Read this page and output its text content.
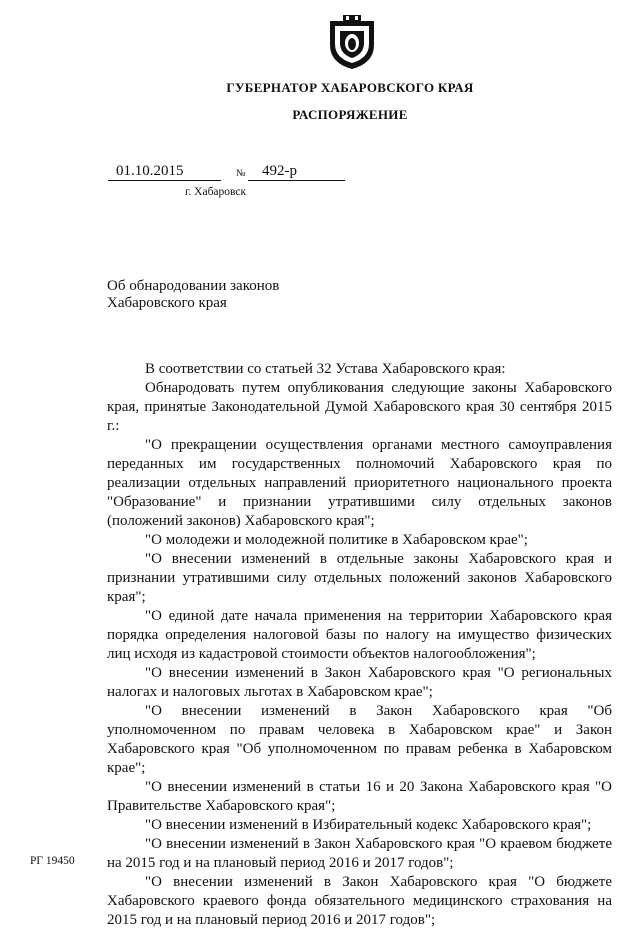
ГУБЕРНАТОР ХАБАРОВСКОГО КРАЯ
РАСПОРЯЖЕНИЕ
01.10.2015	№	492-р
г. Хабаровск
Об обнародовании законов
Хабаровского края

В соответствии со статьей 32 Устава Хабаровского края:

Обнародовать путем опубликования следующие законы Хабаровского края, принятые Законодательной Думой Хабаровского края 30 сентября 2015 г.:

"О прекращении осуществления органами местного самоуправления переданных им государственных полномочий Хабаровского края по реализации отдельных направлений приоритетного национального проекта "Образование" и признании утратившими силу отдельных законов (положений законов) Хабаровского края";

"О молодежи и молодежной политике в Хабаровском крае";

"О внесении изменений в отдельные законы Хабаровского края и признании утратившими силу отдельных положений законов Хабаровского края";

"О единой дате начала применения на территории Хабаровского края порядка определения налоговой базы по налогу на имущество физических лиц исходя из кадастровой стоимости объектов налогообложения";

"О внесении изменений в Закон Хабаровского края "О региональных налогах и налоговых льготах в Хабаровском крае";

"О внесении изменений в Закон Хабаровского края "Об уполномоченном по правам человека в Хабаровском крае" и Закон Хабаровского края "Об уполномоченном по правам ребенка в Хабаровском крае";

"О внесении изменений в статьи 16 и 20 Закона Хабаровского края "О Правительстве Хабаровского края";

"О внесении изменений в Избирательный кодекс Хабаровского края";

"О внесении изменений в Закон Хабаровского края "О краевом бюджете на 2015 год и на плановый период 2016 и 2017 годов";

"О внесении изменений в Закон Хабаровского края "О бюджете Хабаровского краевого фонда обязательного медицинского страхования на 2015 год и на плановый период 2016 и 2017 годов";

РГ 19450
